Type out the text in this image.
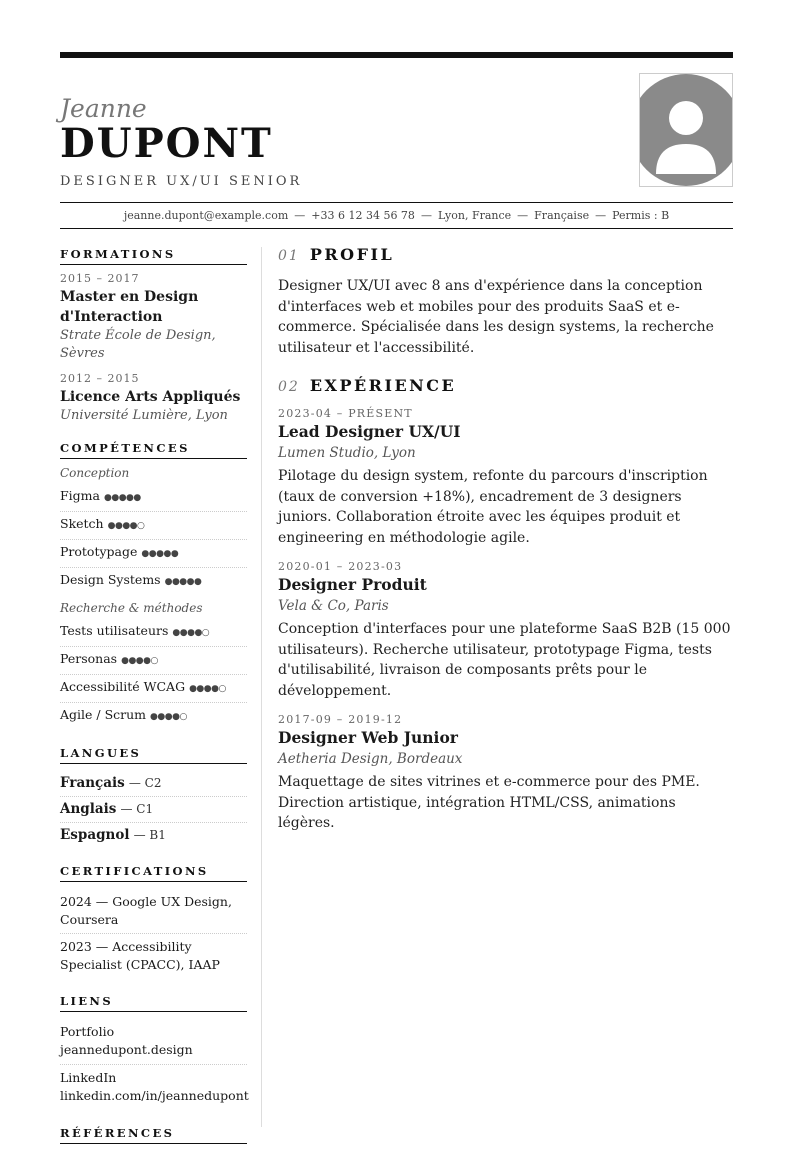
Jeanne
DUPONT
DESIGNER UX/UI SENIOR
jeanne.dupont@example.com — +33 6 12 34 56 78 — Lyon, France — Française — Permis : B
FORMATIONS
2015 – 2017
Master en Design d'Interaction
Strate École de Design, Sèvres
2012 – 2015
Licence Arts Appliqués
Université Lumière, Lyon
COMPÉTENCES
Conception
Figma ●●●●●
Sketch ●●●●○
Prototypage ●●●●●
Design Systems ●●●●●
Recherche & méthodes
Tests utilisateurs ●●●●○
Personas ●●●●○
Accessibilité WCAG ●●●●○
Agile / Scrum ●●●●○
LANGUES
Français — C2
Anglais — C1
Espagnol — B1
CERTIFICATIONS
2024 — Google UX Design, Coursera
2023 — Accessibility Specialist (CPACC), IAAP
LIENS
Portfolio
jeannedupont.design
LinkedIn
linkedin.com/in/jeannedupont
RÉFÉRENCES
01 PROFIL
Designer UX/UI avec 8 ans d'expérience dans la conception d'interfaces web et mobiles pour des produits SaaS et e-commerce. Spécialisée dans les design systems, la recherche utilisateur et l'accessibilité.
02 EXPÉRIENCE
2023-04 – PRÉSENT
Lead Designer UX/UI
Lumen Studio, Lyon
Pilotage du design system, refonte du parcours d'inscription (taux de conversion +18%), encadrement de 3 designers juniors. Collaboration étroite avec les équipes produit et engineering en méthodologie agile.
2020-01 – 2023-03
Designer Produit
Vela & Co, Paris
Conception d'interfaces pour une plateforme SaaS B2B (15 000 utilisateurs). Recherche utilisateur, prototypage Figma, tests d'utilisabilité, livraison de composants prêts pour le développement.
2017-09 – 2019-12
Designer Web Junior
Aetheria Design, Bordeaux
Maquettage de sites vitrines et e-commerce pour des PME. Direction artistique, intégration HTML/CSS, animations légères.
